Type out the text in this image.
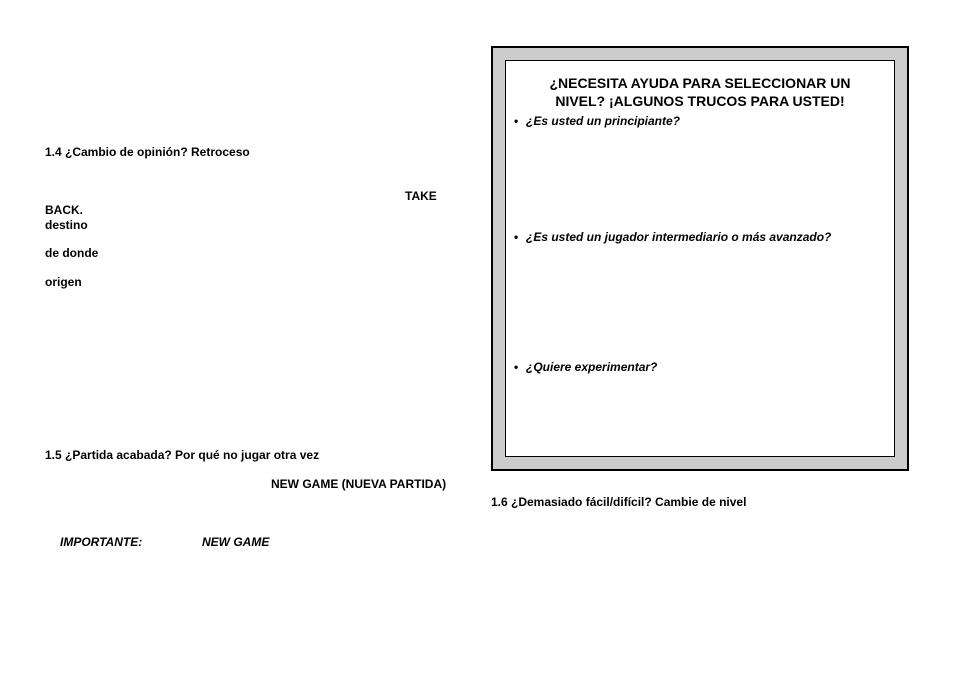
1.4 ¿Cambio de opinión? Retroceso
TAKE
BACK.
destino
de donde
origen
1.5 ¿Partida acabada? Por qué no jugar otra vez
NEW GAME (NUEVA PARTIDA)
IMPORTANTE:	NEW GAME
¿NECESITA AYUDA PARA SELECCIONAR UN
NIVEL? ¡ALGUNOS TRUCOS PARA USTED!
• ¿Es usted un principiante?
• ¿Es usted un jugador intermediario o más avanzado?
• ¿Quiere experimentar?
1.6 ¿Demasiado fácil/difícil? Cambie de nivel
